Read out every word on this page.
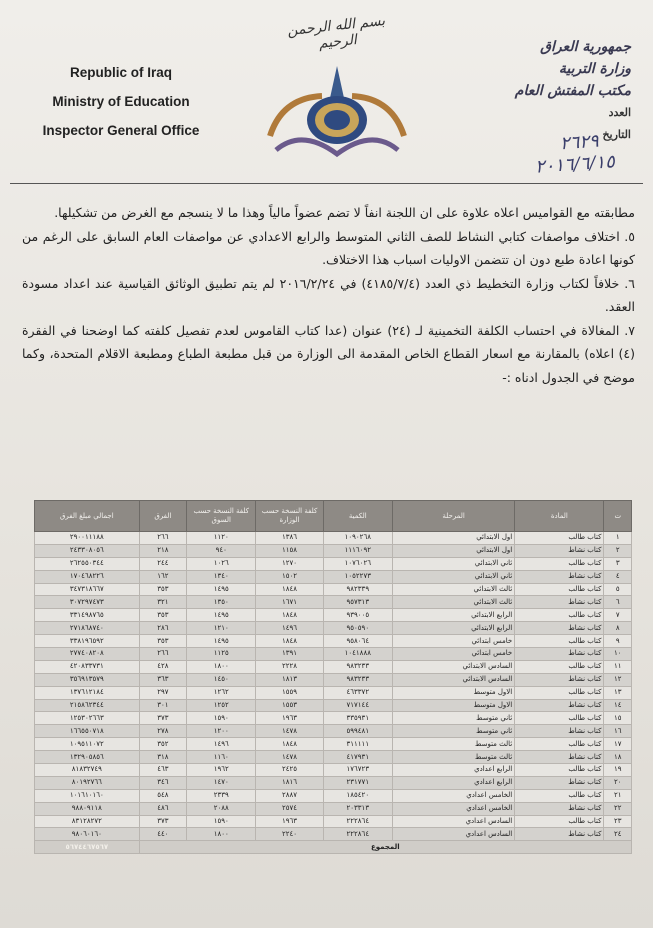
Republic of Iraq
Ministry of Education
Inspector General Office
بسم الله الرحمن الرحيم	جمهورية العراق
وزارة التربية
مكتب المفتش العام
العدد
التاريخ
٢٦٢٩
٢٠١٦/٦/١٥

مطابقته مع القواميس اعلاه علاوة على ان اللجنة انفاً لا تضم عضواً مالياً وهذا ما لا ينسجم مع الغرض من تشكيلها.

٥. اختلاف مواصفات كتابي النشاط للصف الثاني المتوسط والرابع الاعدادي عن مواصفات العام السابق على الرغم من كونها اعادة طبع دون ان تتضمن الاوليات اسباب هذا الاختلاف.

٦. خلافاً لكتاب وزارة التخطيط ذي العدد (٤١٨٥/٧/٤) في ٢٠١٦/٢/٢٤ لم يتم تطبيق الوثائق القياسية عند اعداد مسودة العقد.

٧. المغالاة في احتساب الكلفة التخمينية لـ (٢٤) عنوان (عدا كتاب القاموس لعدم تفصيل كلفته كما اوضحنا في الفقرة (٤) اعلاه) بالمقارنة مع اسعار القطاع الخاص المقدمة الى الوزارة من قبل مطبعة الطباع ومطبعة الاقلام المتحدة، وكما موضح في الجدول ادناه :-

ت	المادة	المرحلة	الكمية	كلفة النسخة حسب الوزارة	كلفة النسخة حسب السوق	الفرق	اجمالي مبلغ الفرق
١	كتاب طالب	اول الابتدائي	١٠٩٠٢٦٨	١٣٨٦	١١٢٠	٢٦٦	٢٩٠٠١١١٨٨
٢	كتاب نشاط	اول الابتدائي	١١١٦٠٩٢	١١٥٨	٩٤٠	٢١٨	٢٤٣٣٠٨٠٥٦
٣	كتاب طالب	ثاني الابتدائي	١٠٧٦٠٢٦	١٢٧٠	١٠٢٦	٢٤٤	٢٦٢٥٥٠٣٤٤
٤	كتاب نشاط	ثاني الابتدائي	١٠٥٢٢٧٣	١٥٠٢	١٣٤٠	١٦٢	١٧٠٤٦٨٢٢٦
٥	كتاب طالب	ثالث الابتدائي	٩٨٢٣٣٩	١٨٤٨	١٤٩٥	٣٥٣	٣٤٧٣١٨٦٦٧
٦	كتاب نشاط	ثالث الابتدائي	٩٥٧٣١٣	١٦٧١	١٣٥٠	٣٢١	٣٠٧٢٩٧٤٧٣
٧	كتاب طالب	الرابع الابتدائي	٩٣٩٠٠٥	١٨٤٨	١٤٩٥	٣٥٣	٣٣١٤٩٨٧٦٥
٨	كتاب نشاط	الرابع الابتدائي	٩٥٠٥٩٠	١٤٩٦	١٢١٠	٢٨٦	٢٧١٨٦٨٧٤٠
٩	كتاب طالب	خامس ابتدائي	٩٥٨٠٦٤	١٨٤٨	١٤٩٥	٣٥٣	٣٣٨١٩٦٥٩٢
١٠	كتاب نشاط	خامس ابتدائي	١٠٤١٨٨٨	١٣٩١	١١٢٥	٢٦٦	٢٧٧٤٠٨٢٠٨
١١	كتاب طالب	السادس الابتدائي	٩٨٣٢٣٣	٢٢٢٨	١٨٠٠	٤٢٨	٤٢٠٨٣٣٧٣١
١٢	كتاب نشاط	السادس الابتدائي	٩٨٣٢٣٣	١٨١٣	١٤٥٠	٣٦٣	٣٥٦٩١٣٥٧٩
١٣	كتاب طالب	الاول متوسط	٤٦٣٣٧٢	١٥٥٩	١٢٦٢	٢٩٧	١٣٧٦١٢١٨٤
١٤	كتاب نشاط	الاول متوسط	٧١٧١٤٤	١٥٥٣	١٢٥٢	٣٠١	٢١٥٨٦٢٣٤٤
١٥	كتاب طالب	ثاني متوسط	٣٣٥٩٣١	١٩٦٣	١٥٩٠	٣٧٣	١٢٥٣٠٢٦٦٣
١٦	كتاب نشاط	ثاني متوسط	٥٩٩٤٨١	١٤٧٨	١٢٠٠	٢٧٨	١٦٦٥٥٠٧١٨
١٧	كتاب طالب	ثالث متوسط	٣١١١١١	١٨٤٨	١٤٩٦	٣٥٢	١٠٩٥١١٠٧٢
١٨	كتاب نشاط	ثالث متوسط	٤١٧٩٣١	١٤٧٨	١١٦٠	٣١٨	١٣٢٩٠٥٨٥٦
١٩	كتاب طالب	الرابع اعدادي	١٧٦٧٢٣	٢٤٢٥	١٩٦٢	٤٦٣	٨١٨٣٢٧٤٩
٢٠	كتاب نشاط	الرابع اعدادي	٢٣١٧٧١	١٨١٦	١٤٧٠	٣٤٦	٨٠١٩٢٧٦٦
٢١	كتاب طالب	الخامس اعدادي	١٨٥٤٢٠	٢٨٨٧	٢٣٣٩	٥٤٨	١٠١٦١٠١٦٠
٢٢	كتاب نشاط	الخامس اعدادي	٢٠٣٣١٣	٢٥٧٤	٢٠٨٨	٤٨٦	٩٨٨٠٩١١٨
٢٣	كتاب طالب	السادس اعدادي	٢٢٢٨٦٤	١٩٦٣	١٥٩٠	٣٧٣	٨٣١٢٨٢٧٢
٢٤	كتاب نشاط	السادس اعدادي	٢٢٢٨٦٤	٢٢٤٠	١٨٠٠	٤٤٠	٩٨٠٦٠١٦٠
المجموع							٥٦٧٤٤٦٧٥٦٧
